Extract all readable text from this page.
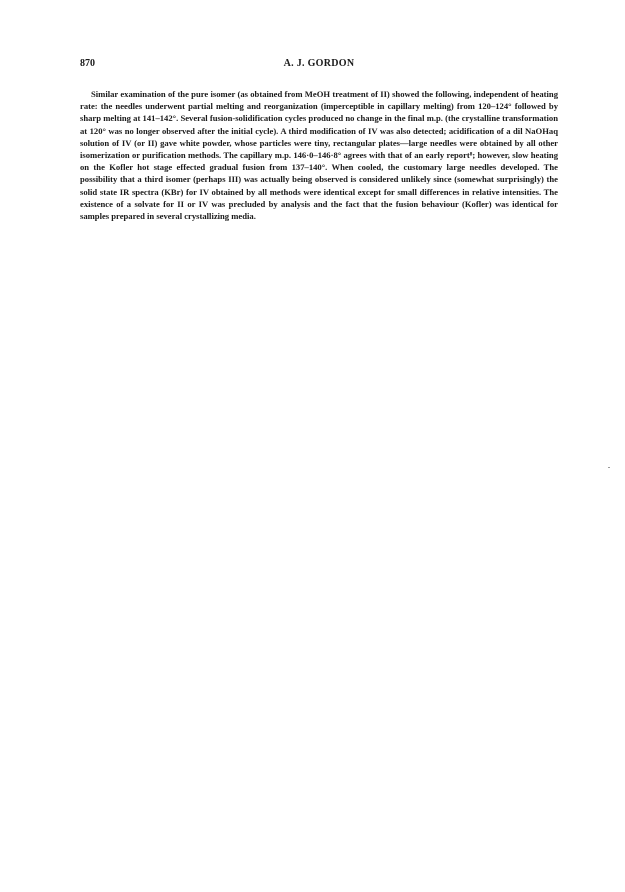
870	A. J. GORDON

Similar examination of the pure isomer (as obtained from MeOH treatment of II) showed the following, independent of heating rate: the needles underwent partial melting and reorganization (imperceptible in capillary melting) from 120–124° followed by sharp melting at 141–142°. Several fusion-solidification cycles produced no change in the final m.p. (the crystalline transformation at 120° was no longer observed after the initial cycle). A third modification of IV was also detected; acidification of a dil NaOHaq solution of IV (or II) gave white powder, whose particles were tiny, rectangular plates—large needles were obtained by all other isomerization or purification methods. The capillary m.p. 146·0–146·8° agrees with that of an early report⁸; however, slow heating on the Kofler hot stage effected gradual fusion from 137–140°. When cooled, the customary large needles developed. The possibility that a third isomer (perhaps III) was actually being observed is considered unlikely since (somewhat surprisingly) the solid state IR spectra (KBr) for IV obtained by all methods were identical except for small differences in relative intensities. The existence of a solvate for II or IV was precluded by analysis and the fact that the fusion behaviour (Kofler) was identical for samples prepared in several crystallizing media.
